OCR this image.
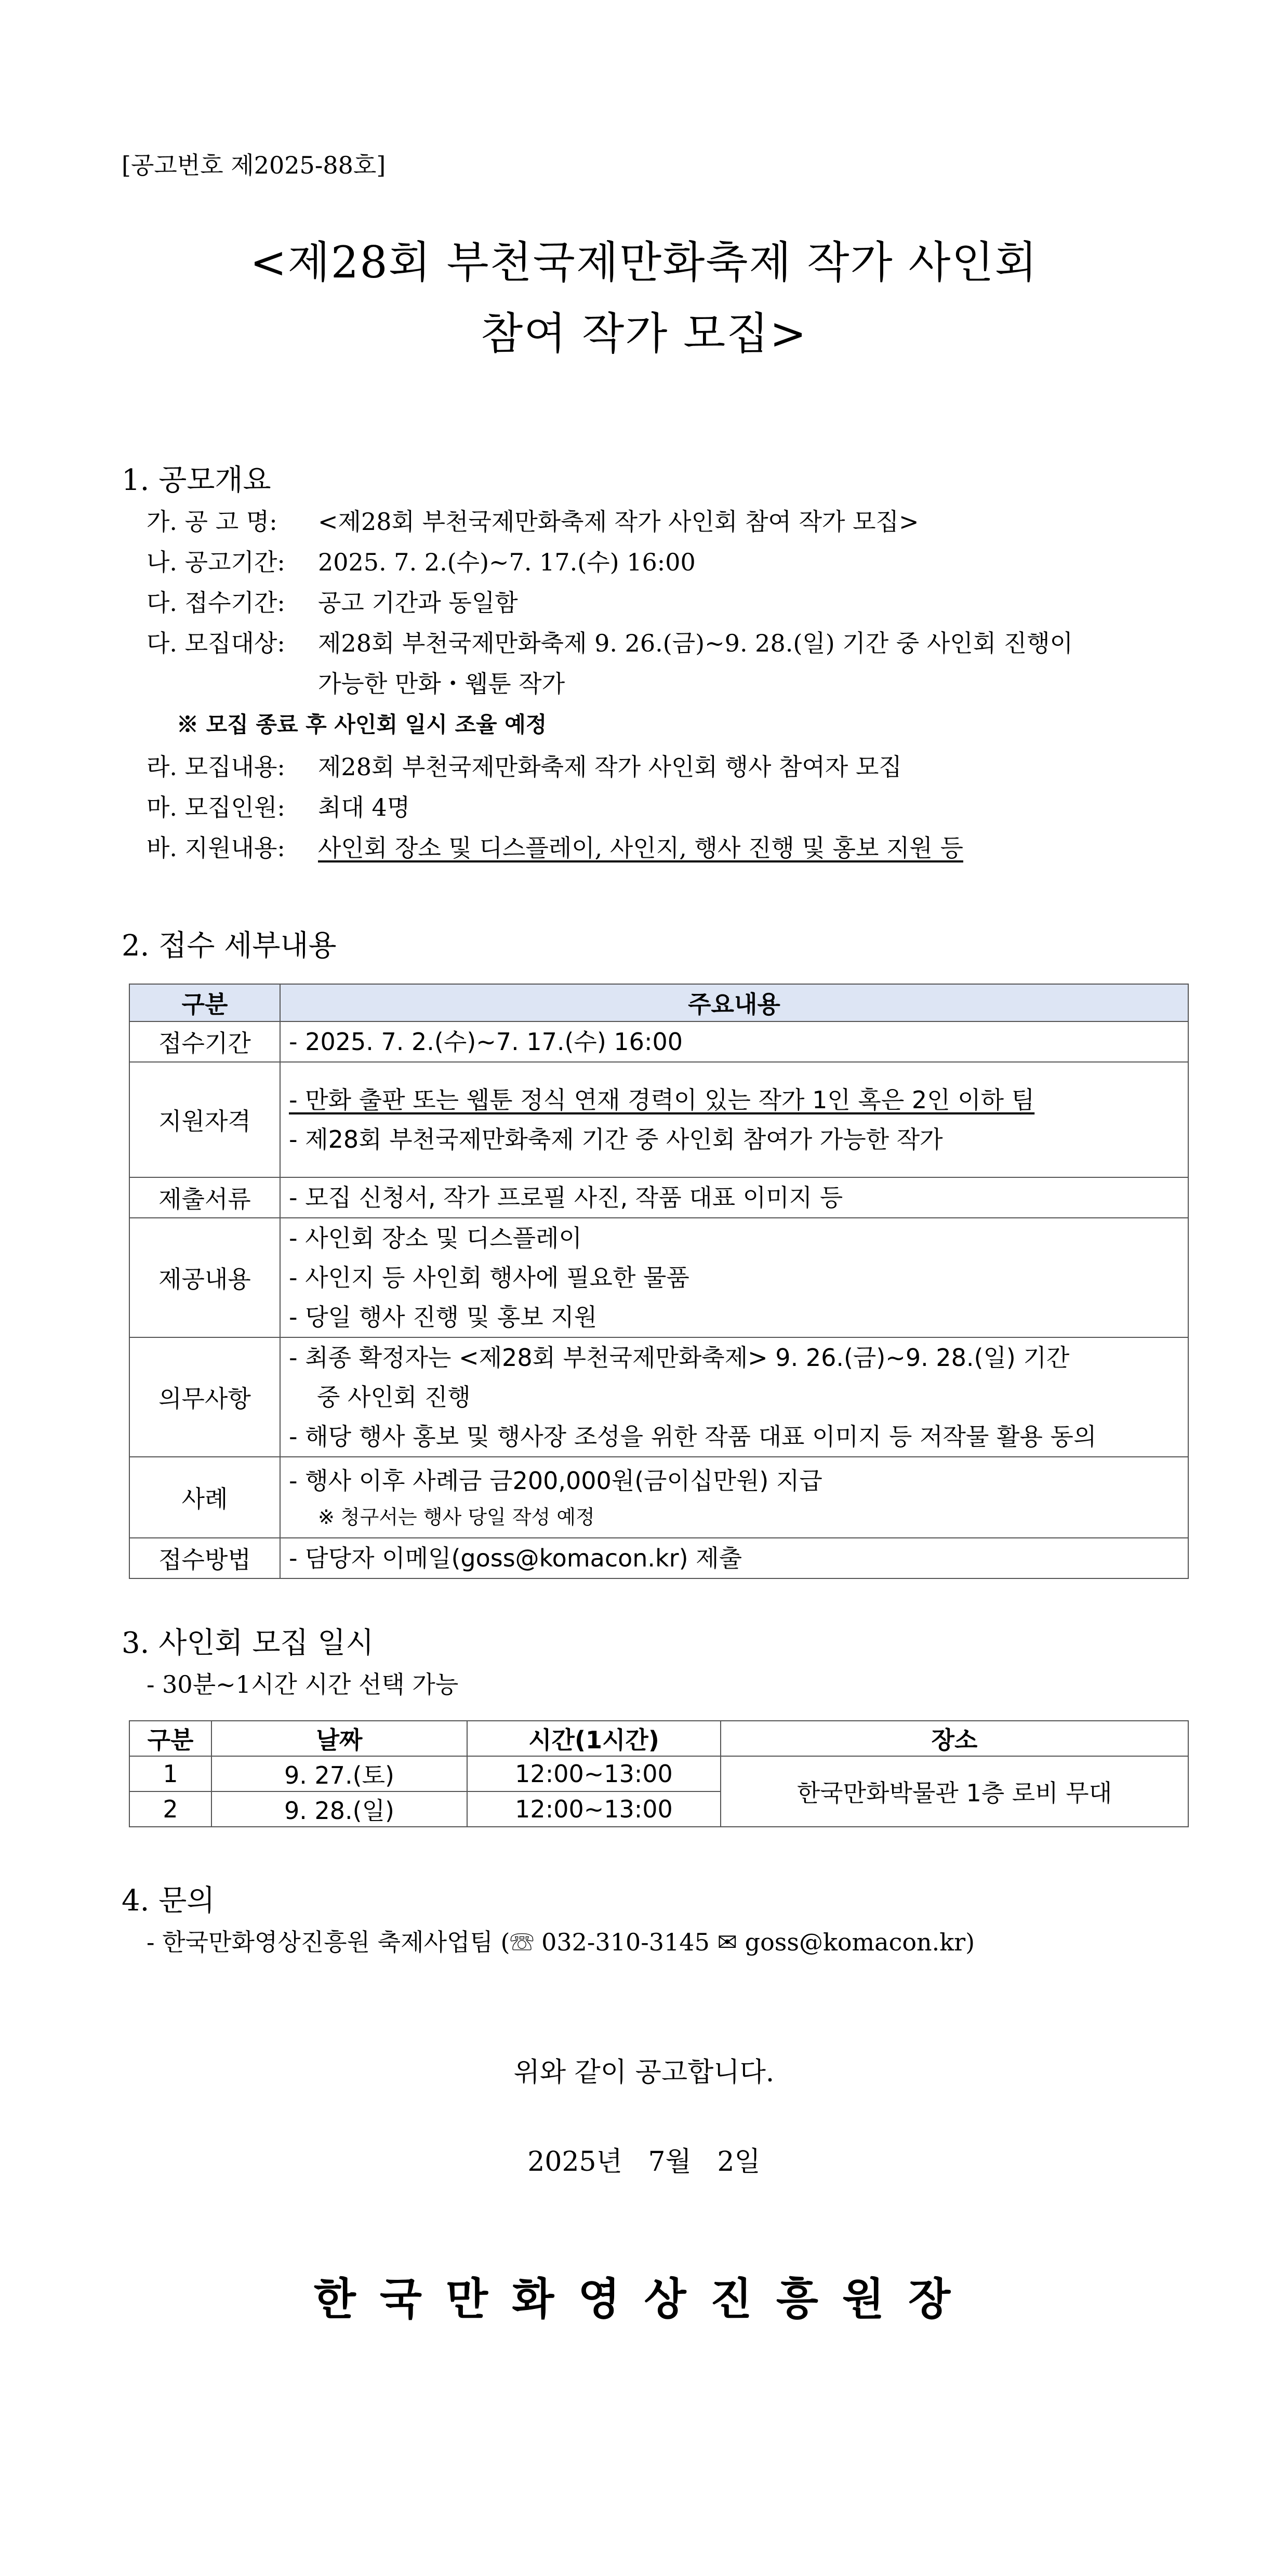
[공고번호 제2025-88호]
<제28회 부천국제만화축제 작가 사인회
참여 작가 모집>
1. 공모개요
가. 공 고 명: <제28회 부천국제만화축제 작가 사인회 참여 작가 모집>
나. 공고기간: 2025. 7. 2.(수)~7. 17.(수) 16:00
다. 접수기간: 공고 기간과 동일함
다. 모집대상: 제28회 부천국제만화축제 9. 26.(금)~9. 28.(일) 기간 중 사인회 진행이
가능한 만화・웹툰 작가
※ 모집 종료 후 사인회 일시 조율 예정
라. 모집내용: 제28회 부천국제만화축제 작가 사인회 행사 참여자 모집
마. 모집인원: 최대 4명
바. 지원내용: 사인회 장소 및 디스플레이, 사인지, 행사 진행 및 홍보 지원 등
2. 접수 세부내용
구분	주요내용
접수기간	- 2025. 7. 2.(수)~7. 17.(수) 16:00

지원자격	- 만화 출판 또는 웹툰 정식 연재 경력이 있는 작가 1인 혹은 2인 이하 팀
- 제28회 부천국제만화축제 기간 중 사인회 참여가 가능한 작가

제출서류	- 모집 신청서, 작가 프로필 사진, 작품 대표 이미지 등

제공내용	- 사인회 장소 및 디스플레이
- 사인지 등 사인회 행사에 필요한 물품
- 당일 행사 진행 및 홍보 지원

의무사항	- 최종 확정자는 <제28회 부천국제만화축제> 9. 26.(금)~9. 28.(일) 기간
중 사인회 진행
- 해당 행사 홍보 및 행사장 조성을 위한 작품 대표 이미지 등 저작물 활용 동의

사례	- 행사 이후 사례금 금200,000원(금이십만원) 지급
※ 청구서는 행사 당일 작성 예정

접수방법	- 담당자 이메일(goss@komacon.kr) 제출
3. 사인회 모집 일시
- 30분~1시간 시간 선택 가능
구분	날짜	시간(1시간)	장소
1	9. 27.(토)	12:00~13:00	한국만화박물관 1층 로비 무대
2	9. 28.(일)	12:00~13:00	
4. 문의
- 한국만화영상진흥원 축제사업팀 (☏ 032-310-3145 ✉ goss@komacon.kr)
위와 같이 공고합니다.
2025년   7월   2일
한국만화영상진흥원장
